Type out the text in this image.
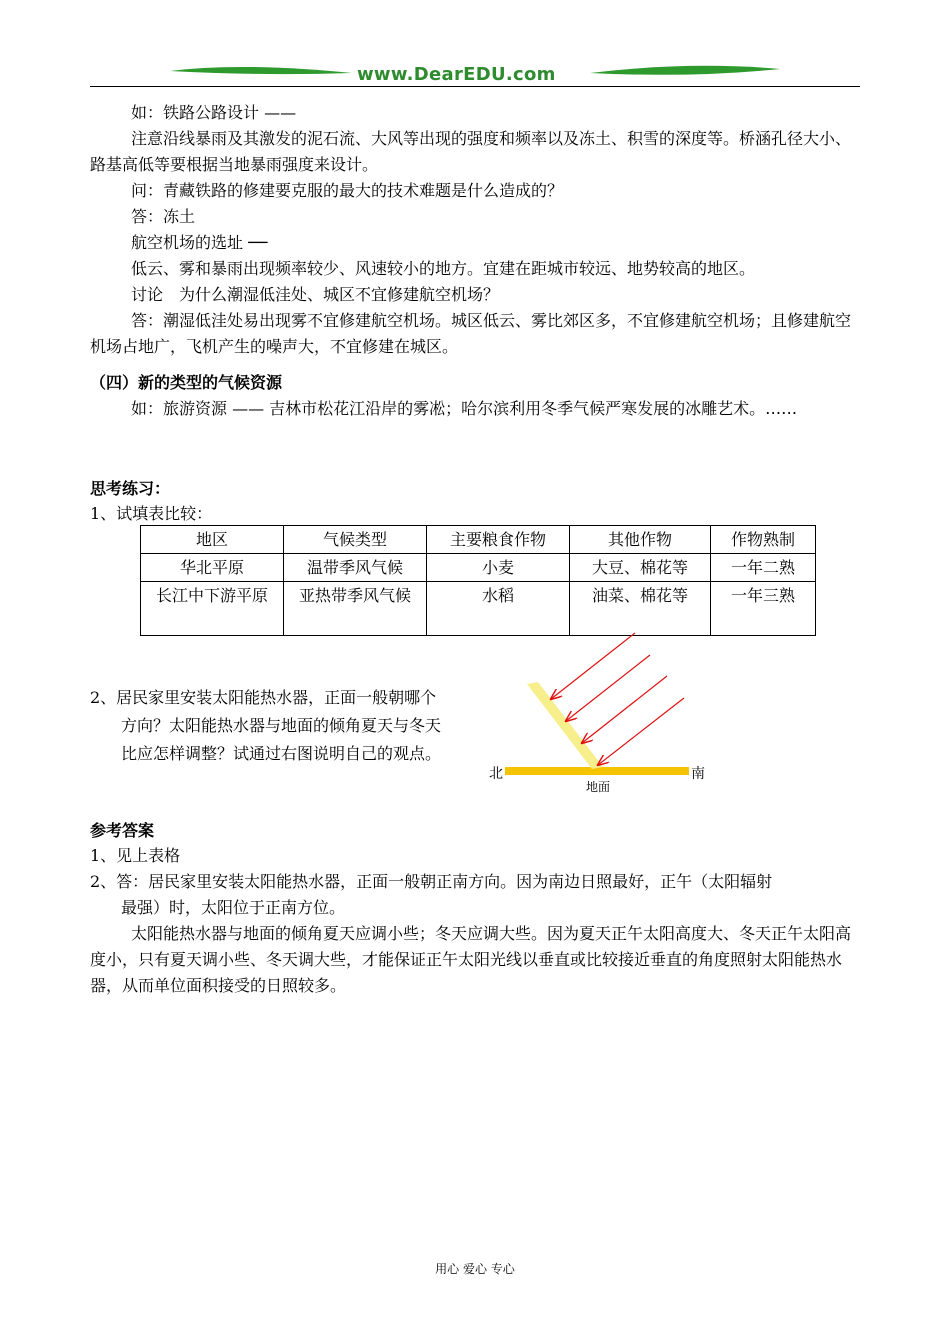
www.DearEDU.com
如：铁路公路设计 ——
注意沿线暴雨及其激发的泥石流、大风等出现的强度和频率以及冻土、积雪的深度等。桥涵孔径大小、路基高低等要根据当地暴雨强度来设计。
问：青藏铁路的修建要克服的最大的技术难题是什么造成的？
答：冻土
航空机场的选址 ──
低云、雾和暴雨出现频率较少、风速较小的地方。宜建在距城市较远、地势较高的地区。
讨论　为什么潮湿低洼处、城区不宜修建航空机场？
答：潮湿低洼处易出现雾不宜修建航空机场。城区低云、雾比郊区多，不宜修建航空机场；且修建航空机场占地广，飞机产生的噪声大，不宜修建在城区。
（四）新的类型的气候资源
如：旅游资源 —— 吉林市松花江沿岸的雾凇；哈尔滨利用冬季气候严寒发展的冰雕艺术。……
思考练习：
1、试填表比较：
地区	气候类型	主要粮食作物	其他作物	作物熟制
华北平原	温带季风气候	小麦	大豆、棉花等	一年二熟
长江中下游平原	亚热带季风气候	水稻	油菜、棉花等	一年三熟
2、居民家里安装太阳能热水器，正面一般朝哪个
方向？太阳能热水器与地面的倾角夏天与冬天
比应怎样调整？试通过右图说明自己的观点。
北	南
地面
参考答案
1、见上表格
2、答：居民家里安装太阳能热水器，正面一般朝正南方向。因为南边日照最好，正午（太阳辐射
最强）时，太阳位于正南方位。
太阳能热水器与地面的倾角夏天应调小些；冬天应调大些。因为夏天正午太阳高度大、冬天正午太阳高度小，只有夏天调小些、冬天调大些，才能保证正午太阳光线以垂直或比较接近垂直的角度照射太阳能热水器，从而单位面积接受的日照较多。
用心 爱心 专心
